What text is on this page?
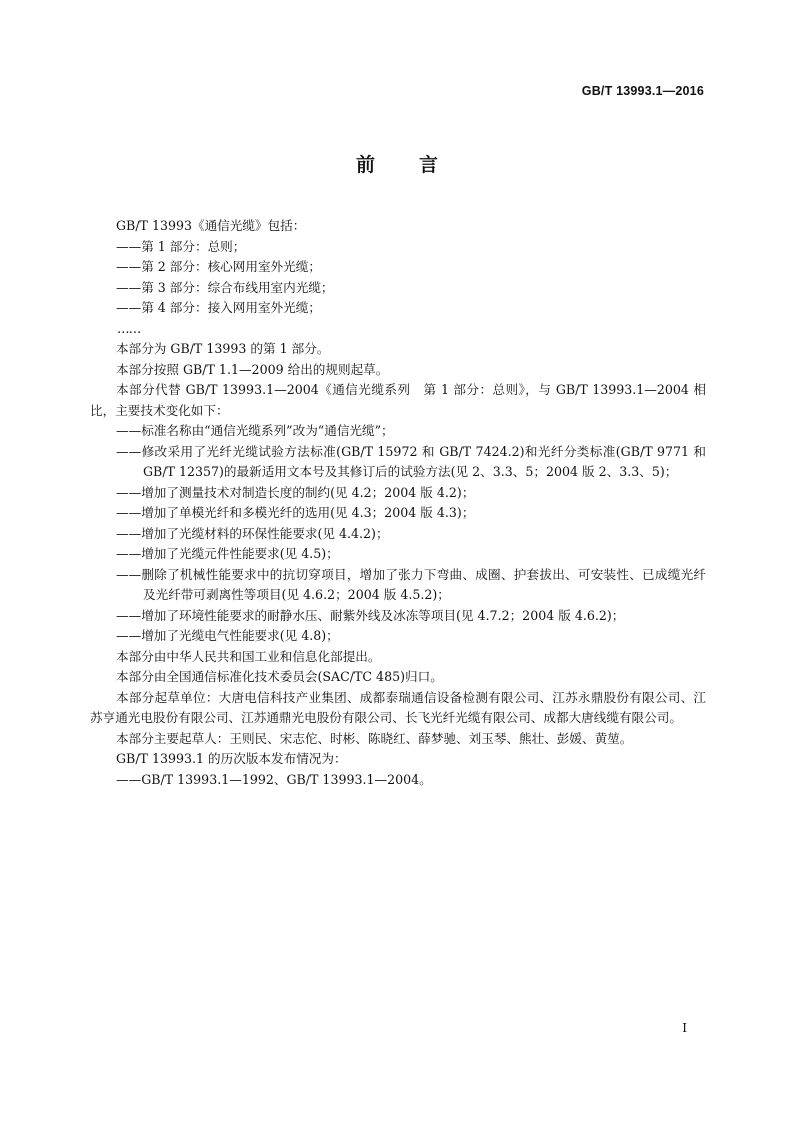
GB/T 13993.1—2016
前言

GB/T 13993《通信光缆》包括：

——第 1 部分：总则；

——第 2 部分：核心网用室外光缆；

——第 3 部分：综合布线用室内光缆；

——第 4 部分：接入网用室外光缆；

……

本部分为 GB/T 13993 的第 1 部分。

本部分按照 GB/T 1.1—2009 给出的规则起草。

本部分代替 GB/T 13993.1—2004《通信光缆系列　第 1 部分：总则》，与 GB/T 13993.1—2004 相比，主要技术变化如下：

——标准名称由“通信光缆系列”改为“通信光缆”；

——修改采用了光纤光缆试验方法标准(GB/T 15972 和 GB/T 7424.2)和光纤分类标准(GB/T 9771 和 GB/T 12357)的最新适用文本号及其修订后的试验方法(见 2、3.3、5；2004 版 2、3.3、5)；

——增加了测量技术对制造长度的制约(见 4.2；2004 版 4.2)；

——增加了单模光纤和多模光纤的选用(见 4.3；2004 版 4.3)；

——增加了光缆材料的环保性能要求(见 4.4.2)；

——增加了光缆元件性能要求(见 4.5)；

——删除了机械性能要求中的抗切穿项目，增加了张力下弯曲、成圈、护套拔出、可安装性、已成缆光纤及光纤带可剥离性等项目(见 4.6.2；2004 版 4.5.2)；

——增加了环境性能要求的耐静水压、耐紫外线及冰冻等项目(见 4.7.2；2004 版 4.6.2)；

——增加了光缆电气性能要求(见 4.8)；

本部分由中华人民共和国工业和信息化部提出。

本部分由全国通信标准化技术委员会(SAC/TC 485)归口。

本部分起草单位：大唐电信科技产业集团、成都泰瑞通信设备检测有限公司、江苏永鼎股份有限公司、江苏亨通光电股份有限公司、江苏通鼎光电股份有限公司、长飞光纤光缆有限公司、成都大唐线缆有限公司。

本部分主要起草人：王则民、宋志佗、时彬、陈晓红、薛梦驰、刘玉琴、熊壮、彭媛、黄堃。

GB/T 13993.1 的历次版本发布情况为：

——GB/T 13993.1—1992、GB/T 13993.1—2004。

I
